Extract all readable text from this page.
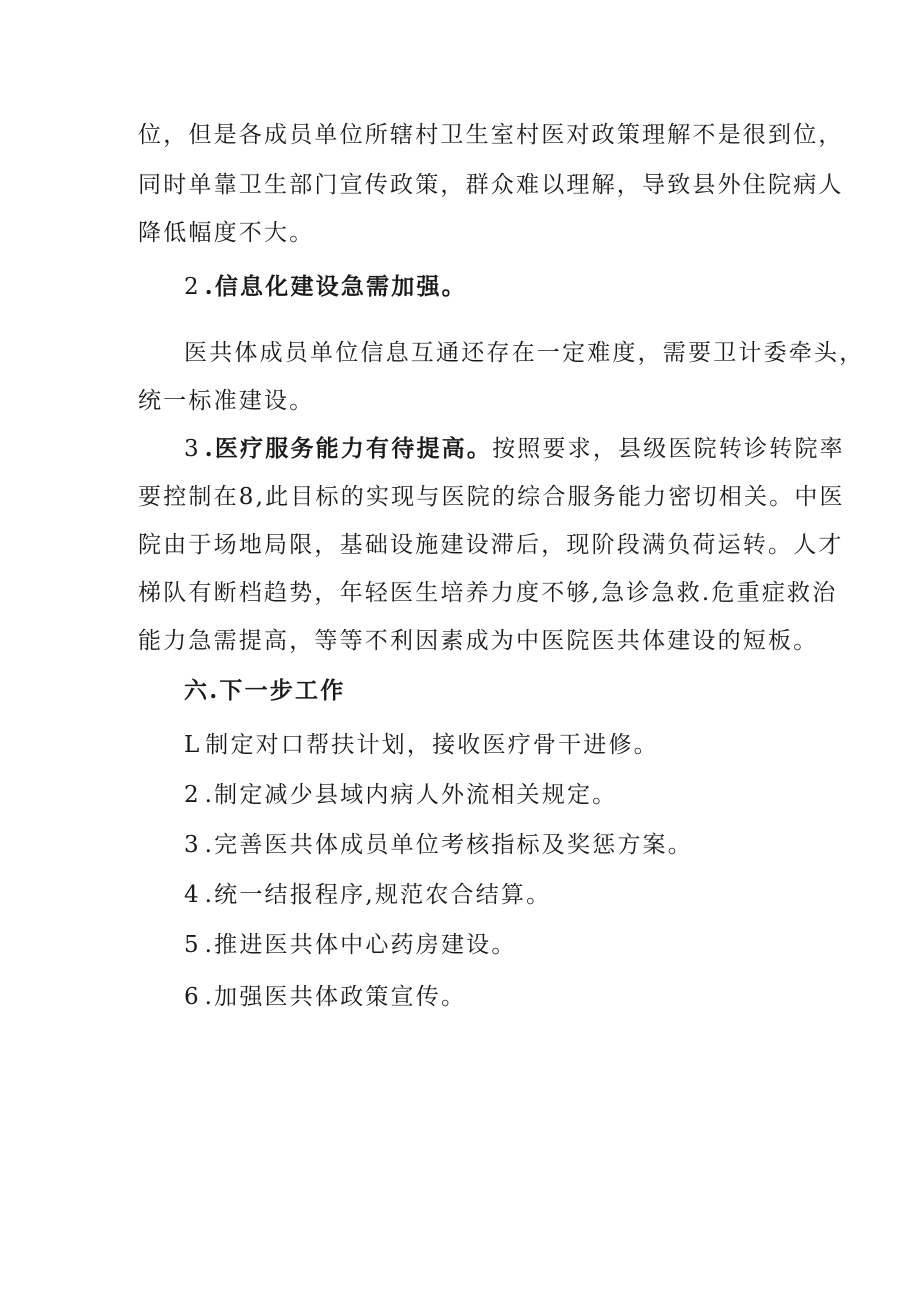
位，但是各成员单位所辖村卫生室村医对政策理解不是很到位，
同时单靠卫生部门宣传政策，群众难以理解，导致县外住院病人
降低幅度不大。
2 .信息化建设急需加强。
医共体成员单位信息互通还存在一定难度，需要卫计委牵头，
统一标准建设。
3 .医疗服务能力有待提高。按照要求，县级医院转诊转院率
要控制在8,此目标的实现与医院的综合服务能力密切相关。中医
院由于场地局限，基础设施建设滞后，现阶段满负荷运转。人才
梯队有断档趋势，年轻医生培养力度不够,急诊急救.危重症救治
能力急需提高，等等不利因素成为中医院医共体建设的短板。
六.下一步工作
L 制定对口帮扶计划，接收医疗骨干进修。
2 .制定减少县域内病人外流相关规定。
3 .完善医共体成员单位考核指标及奖惩方案。
4 .统一结报程序,规范农合结算。
5 .推进医共体中心药房建设。
6 .加强医共体政策宣传。
